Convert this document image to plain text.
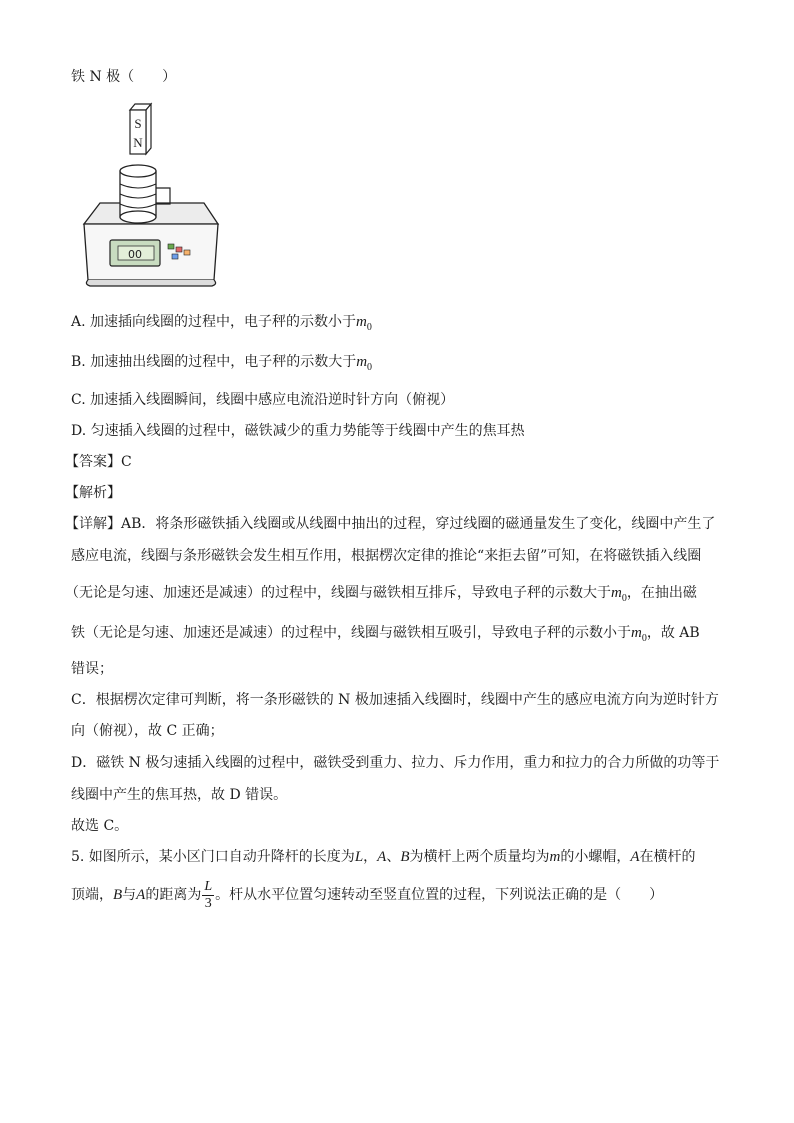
铁 N 极（　　）
S
N
00
A. 加速插向线圈的过程中，电子秤的示数小于$m_0$
B. 加速抽出线圈的过程中，电子秤的示数大于$m_0$
C. 加速插入线圈瞬间，线圈中感应电流沿逆时针方向（俯视）
D. 匀速插入线圈的过程中，磁铁减少的重力势能等于线圈中产生的焦耳热
【答案】C
【解析】
【详解】AB．将条形磁铁插入线圈或从线圈中抽出的过程，穿过线圈的磁通量发生了变化，线圈中产生了
感应电流，线圈与条形磁铁会发生相互作用，根据楞次定律的推论“来拒去留”可知，在将磁铁插入线圈
（无论是匀速、加速还是减速）的过程中，线圈与磁铁相互排斥，导致电子秤的示数大于$m_0$，在抽出磁
铁（无论是匀速、加速还是减速）的过程中，线圈与磁铁相互吸引，导致电子秤的示数小于$m_0$，故 AB
错误；
C．根据楞次定律可判断，将一条形磁铁的 N 极加速插入线圈时，线圈中产生的感应电流方向为逆时针方
向（俯视），故 C 正确；
D．磁铁 N 极匀速插入线圈的过程中，磁铁受到重力、拉力、斥力作用，重力和拉力的合力所做的功等于
线圈中产生的焦耳热，故 D 错误。
故选 C。
5. 如图所示，某小区门口自动升降杆的长度为L，A、B为横杆上两个质量均为m的小螺帽，A在横杆的
顶端，B与A的距离为 $\frac{L}{3}$ 。杆从水平位置匀速转动至竖直位置的过程，下列说法正确的是（　　）
